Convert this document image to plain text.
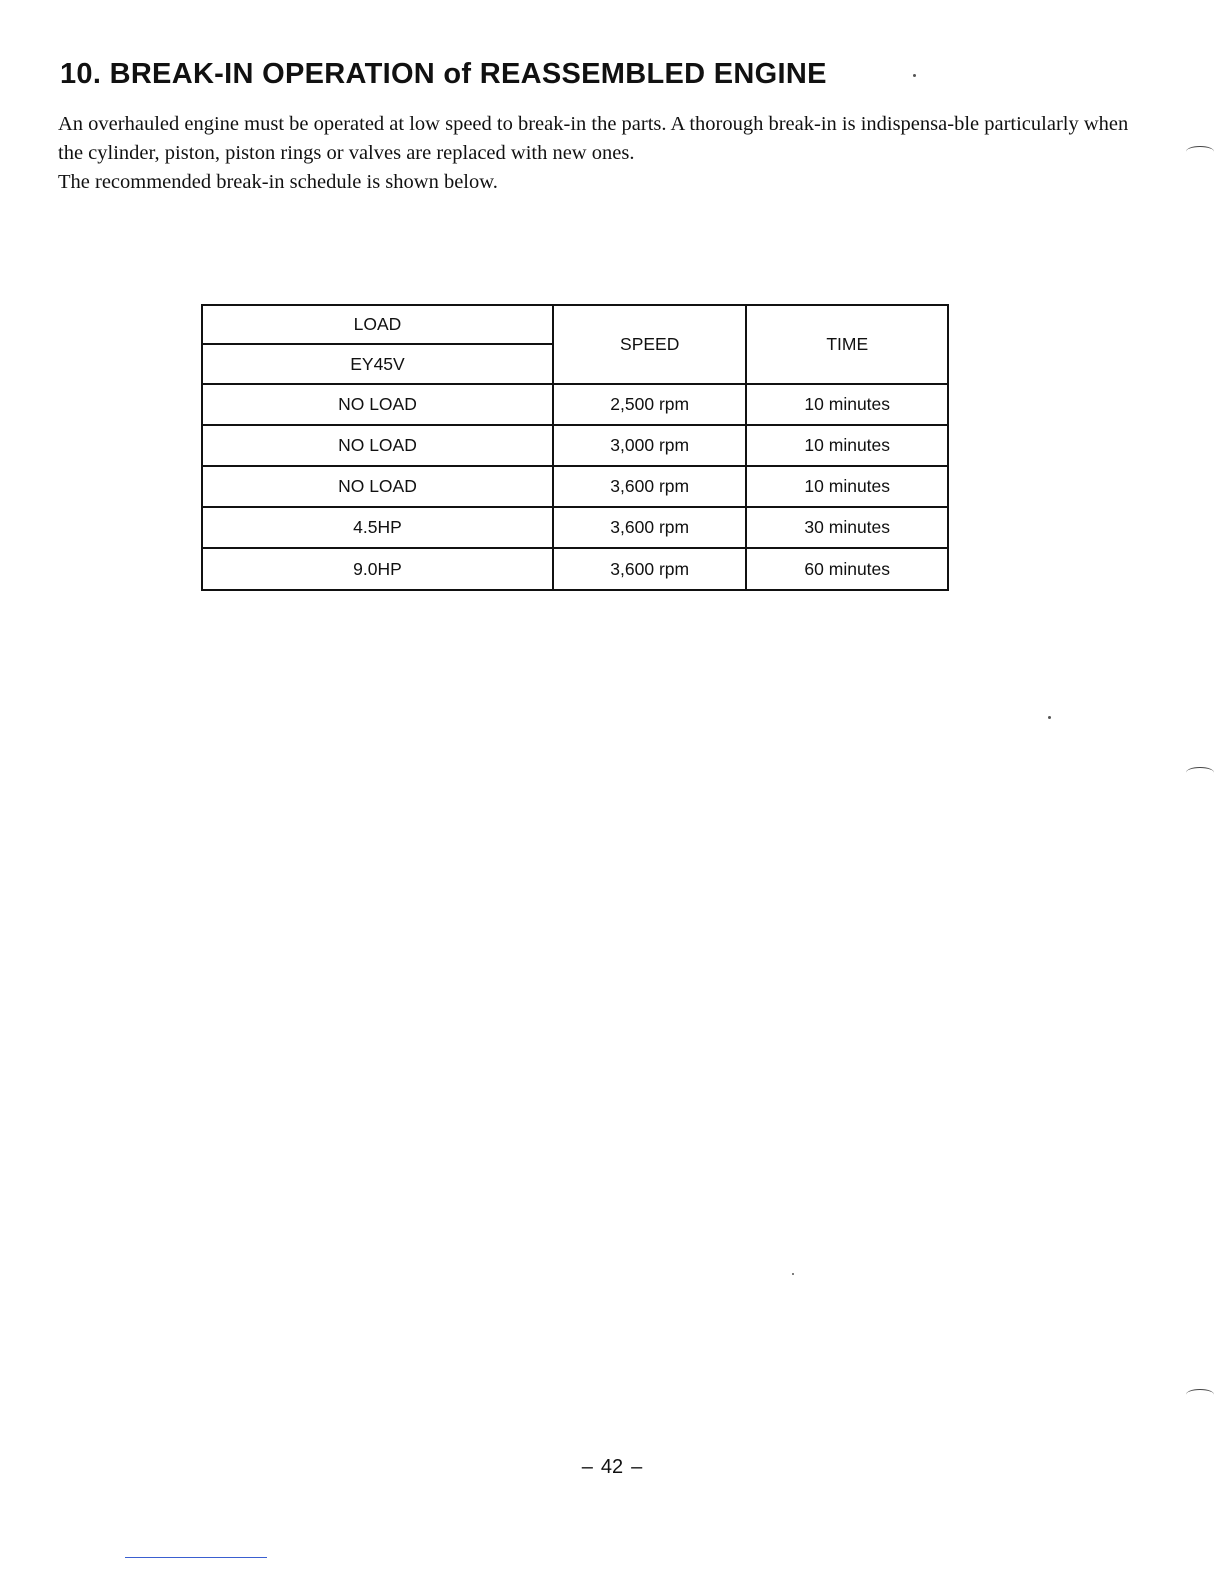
10. BREAK-IN OPERATION of REASSEMBLED ENGINE

An overhauled engine must be operated at low speed to break-in the parts. A thorough break-in is indispensa-ble particularly when the cylinder, piston, piston rings or valves are replaced with new ones.

The recommended break-in schedule is shown below.

LOAD	SPEED	TIME
EY45V		
NO LOAD	2,500 rpm	10 minutes
NO LOAD	3,000 rpm	10 minutes
NO LOAD	3,600 rpm	10 minutes
4.5HP	3,600 rpm	30 minutes
9.0HP	3,600 rpm	60 minutes
– 42 –
